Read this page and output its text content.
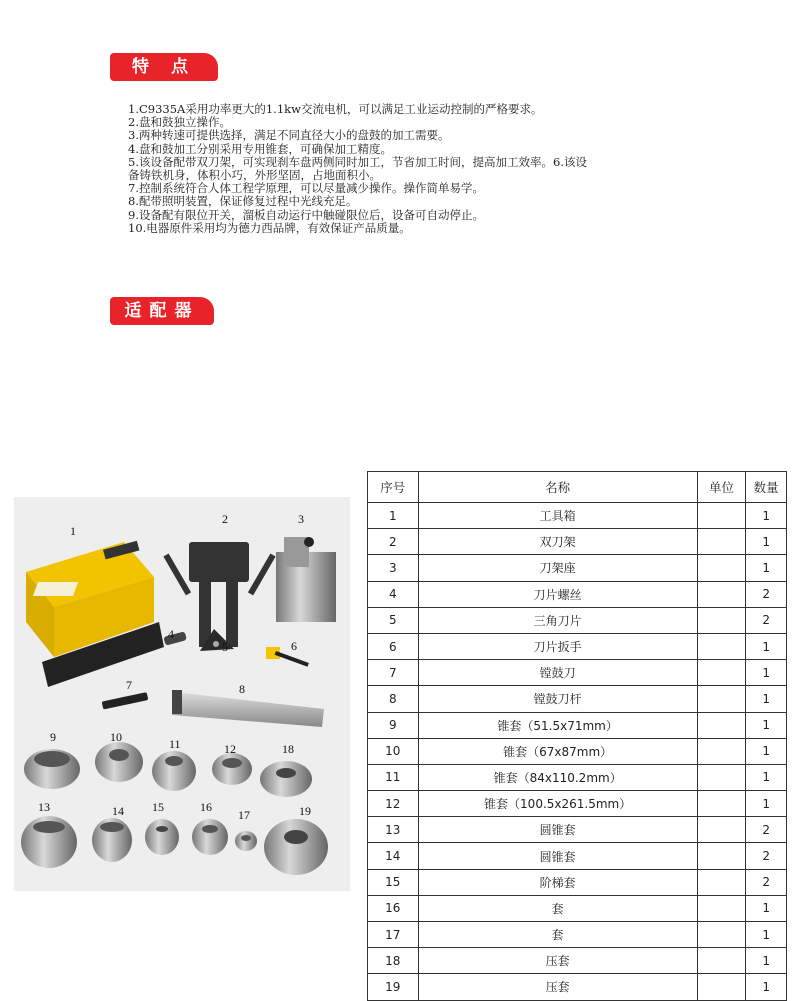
特 点
1.C9335A采用功率更大的1.1kw交流电机，可以满足工业运动控制的严格要求。
2.盘和鼓独立操作。
3.两种转速可提供选择，满足不同直径大小的盘鼓的加工需要。
4.盘和鼓加工分别采用专用锥套，可确保加工精度。
5.该设备配带双刀架，可实现刹车盘两侧同时加工，节省加工时间，提高加工效率。6.该设
备铸铁机身，体积小巧，外形坚固，占地面积小。
7.控制系统符合人体工程学原理，可以尽量减少操作。操作简单易学。
8.配带照明装置，保证修复过程中光线充足。
9.设备配有限位开关，溜板自动运行中触碰限位后，设备可自动停止。
10.电器原件采用均为德力西品牌，有效保证产品质量。
适配器
1
2	3
4
5	6
7	8
9	10	11	12	18
13	14 15	16
17	19
序号	名称	单位	数量
1	工具箱		1
2	双刀架		1
3	刀架座		1
4	刀片螺丝		2
5	三角刀片		2
6	刀片扳手		1
7	镗鼓刀		1
8	镗鼓刀杆		1
9	锥套（51.5x71mm）		1
10	锥套（67x87mm）		1
11	锥套（84x110.2mm）		1
12	锥套（100.5x261.5mm）		1
13	圆锥套		2
14	圆锥套		2
15	阶梯套		2
16	套		1
17	套		1
18	压套		1
19	压套		1
